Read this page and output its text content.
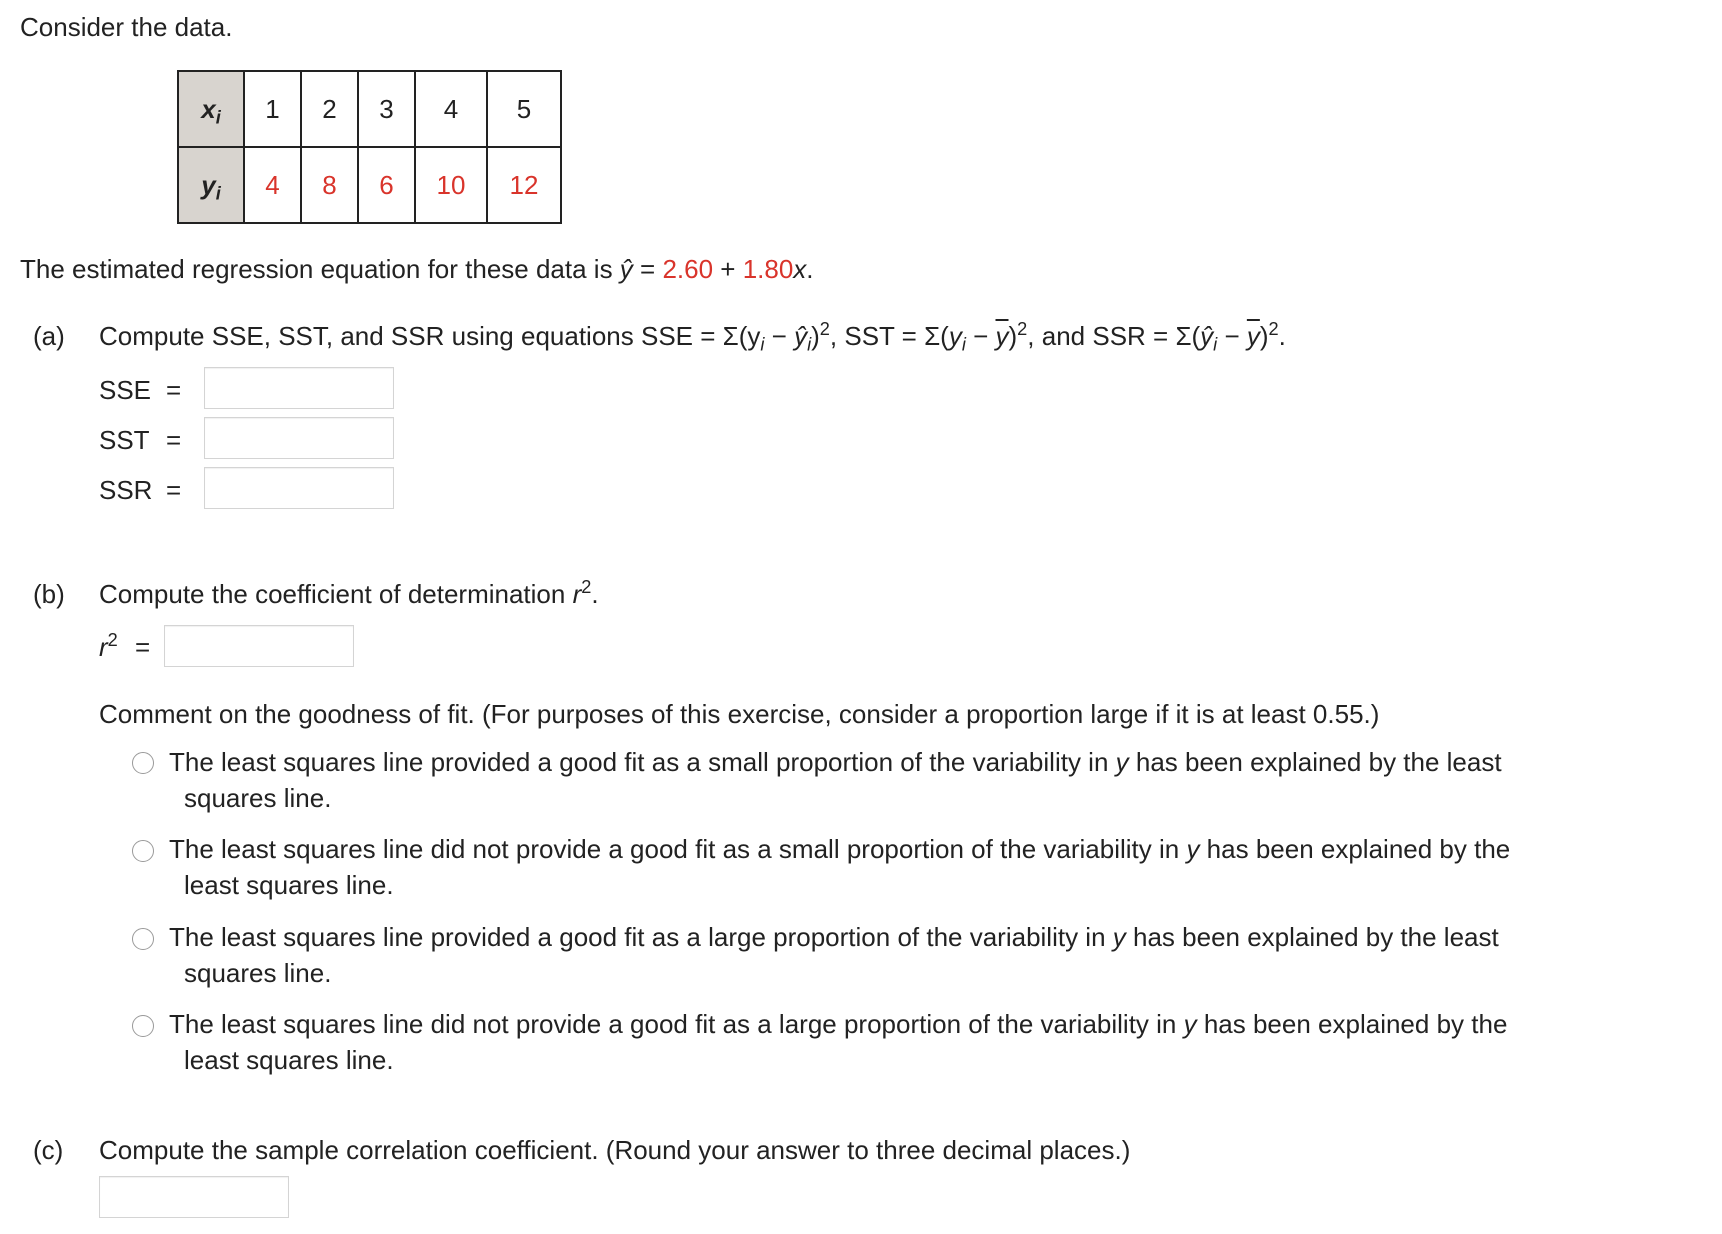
Consider the data.
$x_i$	1	2	3	4	5
$y_i$	4	8	6	10	12
The estimated regression equation for these data is ŷ = 2.60 + 1.80x.
(a) Compute SSE, SST, and SSR using equations SSE = $\Sigma(y_i$ − $ŷ_i)^2$, SST = $\Sigma(y_i - \overline{y})^2$, and SSR = $\Sigma(ŷ_i - \overline{y})^2$.
SSE =
SST =
SSR =
(b) Compute the coefficient of determination $r^2$.
$r^2$ =
Comment on the goodness of fit. (For purposes of this exercise, consider a proportion large if it is at least 0.55.)
The least squares line provided a good fit as a small proportion of the variability in y has been explained by the least
squares line.
The least squares line did not provide a good fit as a small proportion of the variability in y has been explained by the
least squares line.
The least squares line provided a good fit as a large proportion of the variability in y has been explained by the least
squares line.
The least squares line did not provide a good fit as a large proportion of the variability in y has been explained by the
least squares line.
(c) Compute the sample correlation coefficient. (Round your answer to three decimal places.)
